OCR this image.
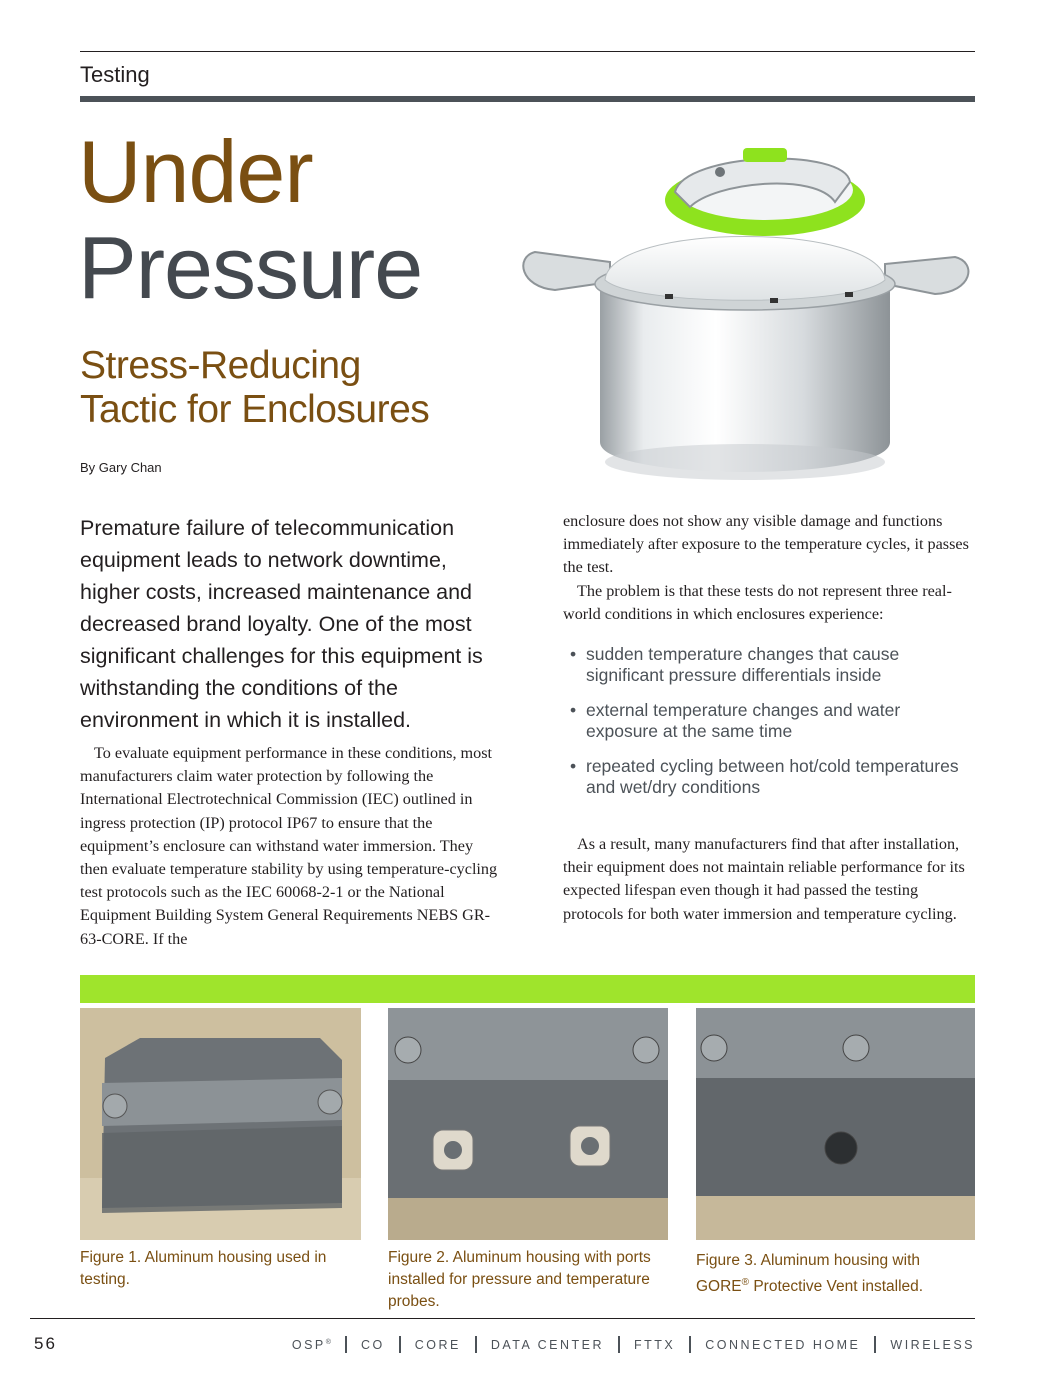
Testing
Under
Pressure
Stress-Reducing
Tactic for Enclosures
By Gary Chan
Premature failure of telecommunication equipment leads to network downtime, higher costs, increased maintenance and decreased brand loyalty. One of the most significant challenges for this equipment is withstanding the conditions of the environment in which it is installed.

To evaluate equipment performance in these conditions, most manufacturers claim water protection by following the International Electrotechnical Commission (IEC) outlined in ingress protection (IP) protocol IP67 to ensure that the equipment’s enclosure can withstand water immersion. They then evaluate temperature stability by using temperature-cycling test protocols such as the IEC 60068-2-1 or the National Equipment Building System General Requirements NEBS GR-63-CORE. If the

enclosure does not show any visible damage and functions immediately after exposure to the temperature cycles, it passes the test.

The problem is that these tests do not represent three real-world conditions in which enclosures experience:

• sudden temperature changes that cause significant pressure differentials inside
• external temperature changes and water exposure at the same time
• repeated cycling between hot/cold temperatures and wet/dry conditions

As a result, many manufacturers find that after installation, their equipment does not maintain reliable performance for its expected lifespan even though it had passed the testing protocols for both water immersion and temperature cycling.

Figure 1. Aluminum housing used in testing.
Figure 2. Aluminum housing with ports installed for pressure and temperature probes.
Figure 3. Aluminum housing with GORE® Protective Vent installed.
56	OSP® CO CORE DATA CENTER FTTX CONNECTED HOME WIRELESS
